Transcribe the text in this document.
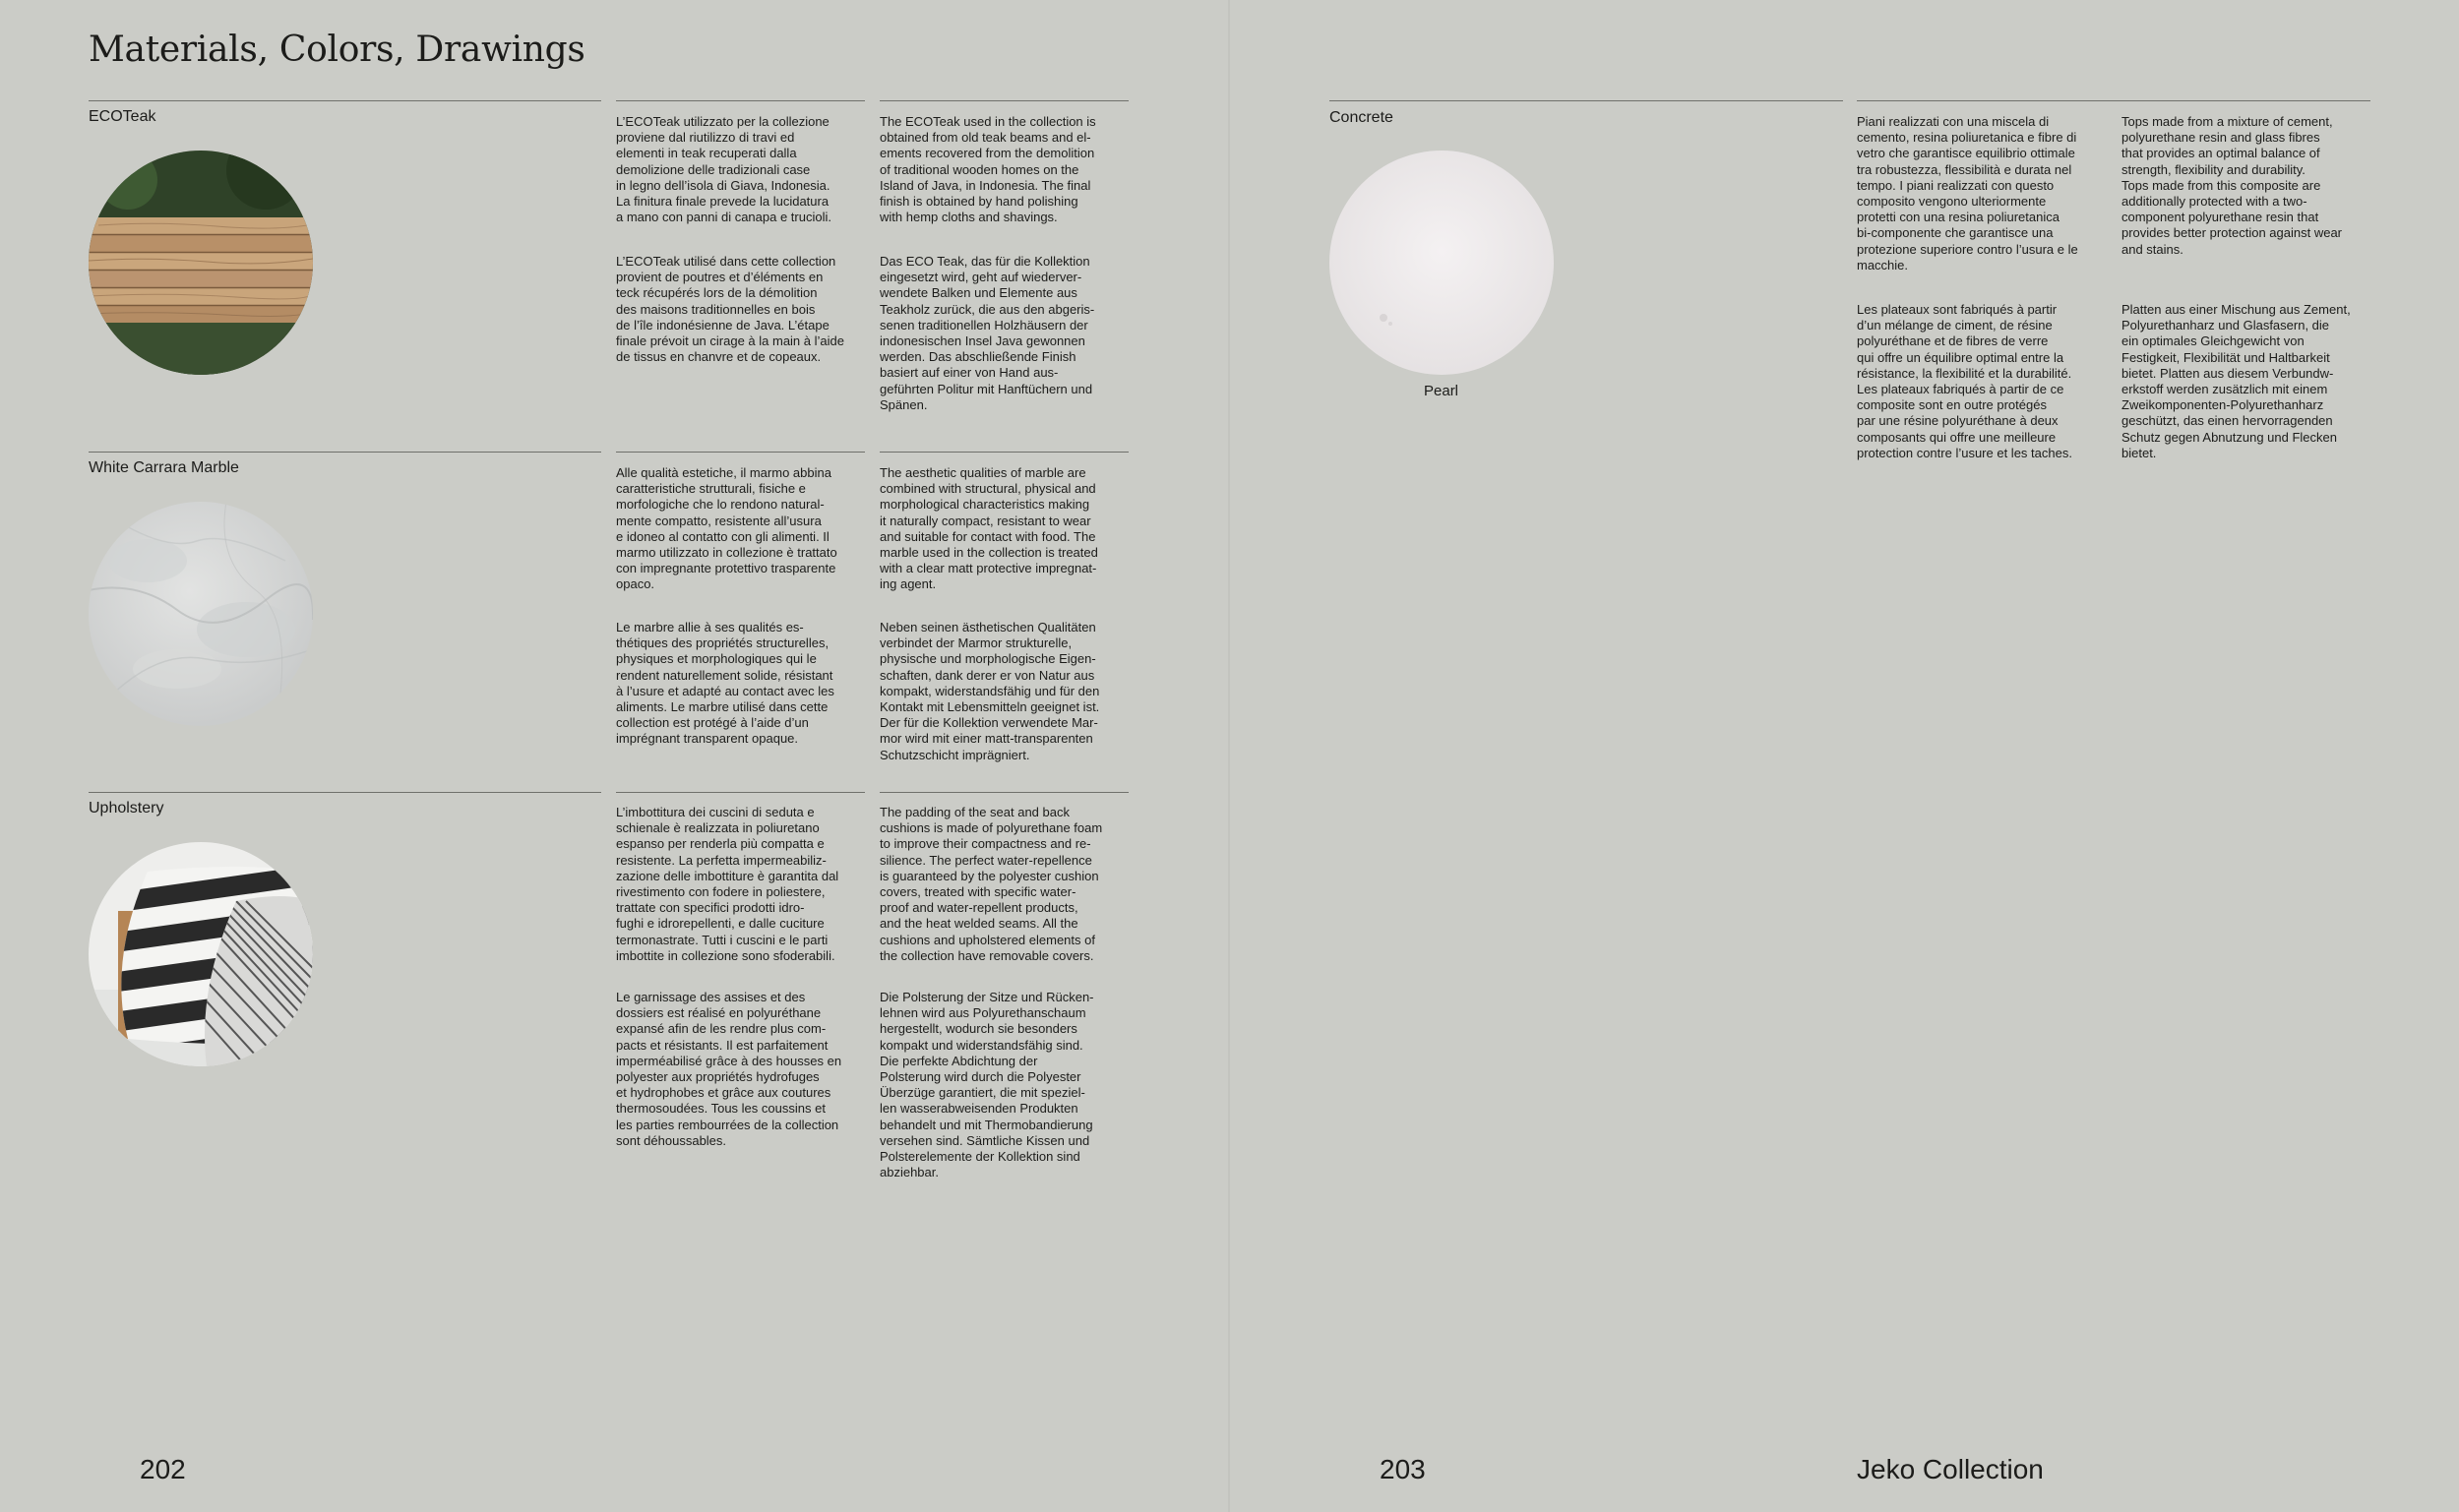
Materials, Colors, Drawings
ECOTeak	L’ECOTeak utilizzato per la collezione
proviene dal riutilizzo di travi ed
elementi in teak recuperati dalla
demolizione delle tradizionali case
in legno dell’isola di Giava, Indonesia.
La finitura finale prevede la lucidatura
a mano con panni di canapa e trucioli.

The ECOTeak used in the collection is
obtained from old teak beams and el-
ements recovered from the demolition
of traditional wooden homes on the
Island of Java, in Indonesia. The final
finish is obtained by hand polishing
with hemp cloths and shavings.

L’ECOTeak utilisé dans cette collection
provient de poutres et d’éléments en
teck récupérés lors de la démolition
des maisons traditionnelles en bois
de l’île indonésienne de Java. L’étape
finale prévoit un cirage à la main à l’aide
de tissus en chanvre et de copeaux.

Das ECO Teak, das für die Kollektion
eingesetzt wird, geht auf wiederver-
wendete Balken und Elemente aus
Teakholz zurück, die aus den abgeris-
senen traditionellen Holzhäusern der
indonesischen Insel Java gewonnen
werden. Das abschließende Finish
basiert auf einer von Hand aus-
geführten Politur mit Hanftüchern und
Spänen.

White Carrara Marble	Alle qualità estetiche, il marmo abbina
caratteristiche strutturali, fisiche e
morfologiche che lo rendono natural-
mente compatto, resistente all’usura
e idoneo al contatto con gli alimenti. Il
marmo utilizzato in collezione è trattato
con impregnante protettivo trasparente
opaco.

The aesthetic qualities of marble are
combined with structural, physical and
morphological characteristics making
it naturally compact, resistant to wear
and suitable for contact with food. The
marble used in the collection is treated
with a clear matt protective impregnat-
ing agent.

Le marbre allie à ses qualités es-
thétiques des propriétés structurelles,
physiques et morphologiques qui le
rendent naturellement solide, résistant
à l’usure et adapté au contact avec les
aliments. Le marbre utilisé dans cette
collection est protégé à l’aide d’un
imprégnant transparent opaque.

Neben seinen ästhetischen Qualitäten
verbindet der Marmor strukturelle,
physische und morphologische Eigen-
schaften, dank derer er von Natur aus
kompakt, widerstandsfähig und für den
Kontakt mit Lebensmitteln geeignet ist.
Der für die Kollektion verwendete Mar-
mor wird mit einer matt-transparenten
Schutzschicht imprägniert.

Upholstery	L’imbottitura dei cuscini di seduta e
schienale è realizzata in poliuretano
espanso per renderla più compatta e
resistente. La perfetta impermeabiliz-
zazione delle imbottiture è garantita dal
rivestimento con fodere in poliestere,
trattate con specifici prodotti idro-
fughi e idrorepellenti, e dalle cuciture
termonastrate. Tutti i cuscini e le parti
imbottite in collezione sono sfoderabili.

The padding of the seat and back
cushions is made of polyurethane foam
to improve their compactness and re-
silience. The perfect water-repellence
is guaranteed by the polyester cushion
covers, treated with specific water-
proof and water-repellent products,
and the heat welded seams. All the
cushions and upholstered elements of
the collection have removable covers.

Le garnissage des assises et des
dossiers est réalisé en polyuréthane
expansé afin de les rendre plus com-
pacts et résistants. Il est parfaitement
imperméabilisé grâce à des housses en
polyester aux propriétés hydrofuges
et hydrophobes et grâce aux coutures
thermosoudées. Tous les coussins et
les parties rembourrées de la collection
sont déhoussables.

Die Polsterung der Sitze und Rücken-
lehnen wird aus Polyurethanschaum
hergestellt, wodurch sie besonders
kompakt und widerstandsfähig sind.
Die perfekte Abdichtung der
Polsterung wird durch die Polyester
Überzüge garantiert, die mit speziel-
len wasserabweisenden Produkten
behandelt und mit Thermobandierung
versehen sind. Sämtliche Kissen und
Polsterelemente der Kollektion sind
abziehbar.

202
Concrete
Pearl

Piani realizzati con una miscela di
cemento, resina poliuretanica e fibre di
vetro che garantisce equilibrio ottimale
tra robustezza, flessibilità e durata nel
tempo. I piani realizzati con questo
composito vengono ulteriormente
protetti con una resina poliuretanica
bi-componente che garantisce una
protezione superiore contro l’usura e le
macchie.

Tops made from a mixture of cement,
polyurethane resin and glass fibres
that provides an optimal balance of
strength, flexibility and durability.
Tops made from this composite are
additionally protected with a two-
component polyurethane resin that
provides better protection against wear
and stains.

Les plateaux sont fabriqués à partir
d’un mélange de ciment, de résine
polyuréthane et de fibres de verre
qui offre un équilibre optimal entre la
résistance, la flexibilité et la durabilité.
Les plateaux fabriqués à partir de ce
composite sont en outre protégés
par une résine polyuréthane à deux
composants qui offre une meilleure
protection contre l’usure et les taches.

Platten aus einer Mischung aus Zement,
Polyurethanharz und Glasfasern, die
ein optimales Gleichgewicht von
Festigkeit, Flexibilität und Haltbarkeit
bietet. Platten aus diesem Verbundw-
erkstoff werden zusätzlich mit einem
Zweikomponenten-Polyurethanharz
geschützt, das einen hervorragenden
Schutz gegen Abnutzung und Flecken
bietet.

203	Jeko Collection
